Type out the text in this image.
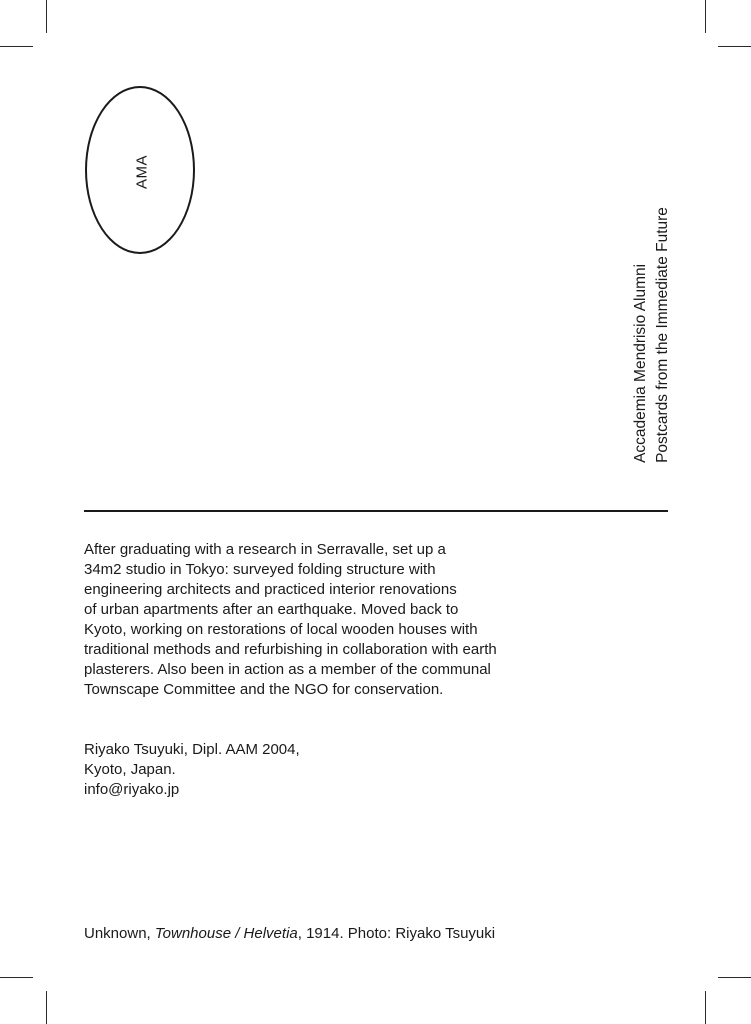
AMA
Accademia Mendrisio Alumni Postcards from the Immediate Future

After graduating with a research in Serravalle, set up a

34m2 studio in Tokyo: surveyed folding structure with

engineering architects and practiced interior renovations

of urban apartments after an earthquake. Moved back to

Kyoto, working on restorations of local wooden houses with

traditional methods and refurbishing in collaboration with earth

plasterers. Also been in action as a member of the communal

Townscape Committee and the NGO for conservation.

Riyako Tsuyuki, Dipl. AAM 2004,
Kyoto, Japan.
info@riyako.jp
Unknown, Townhouse / Helvetia, 1914. Photo: Riyako Tsuyuki
